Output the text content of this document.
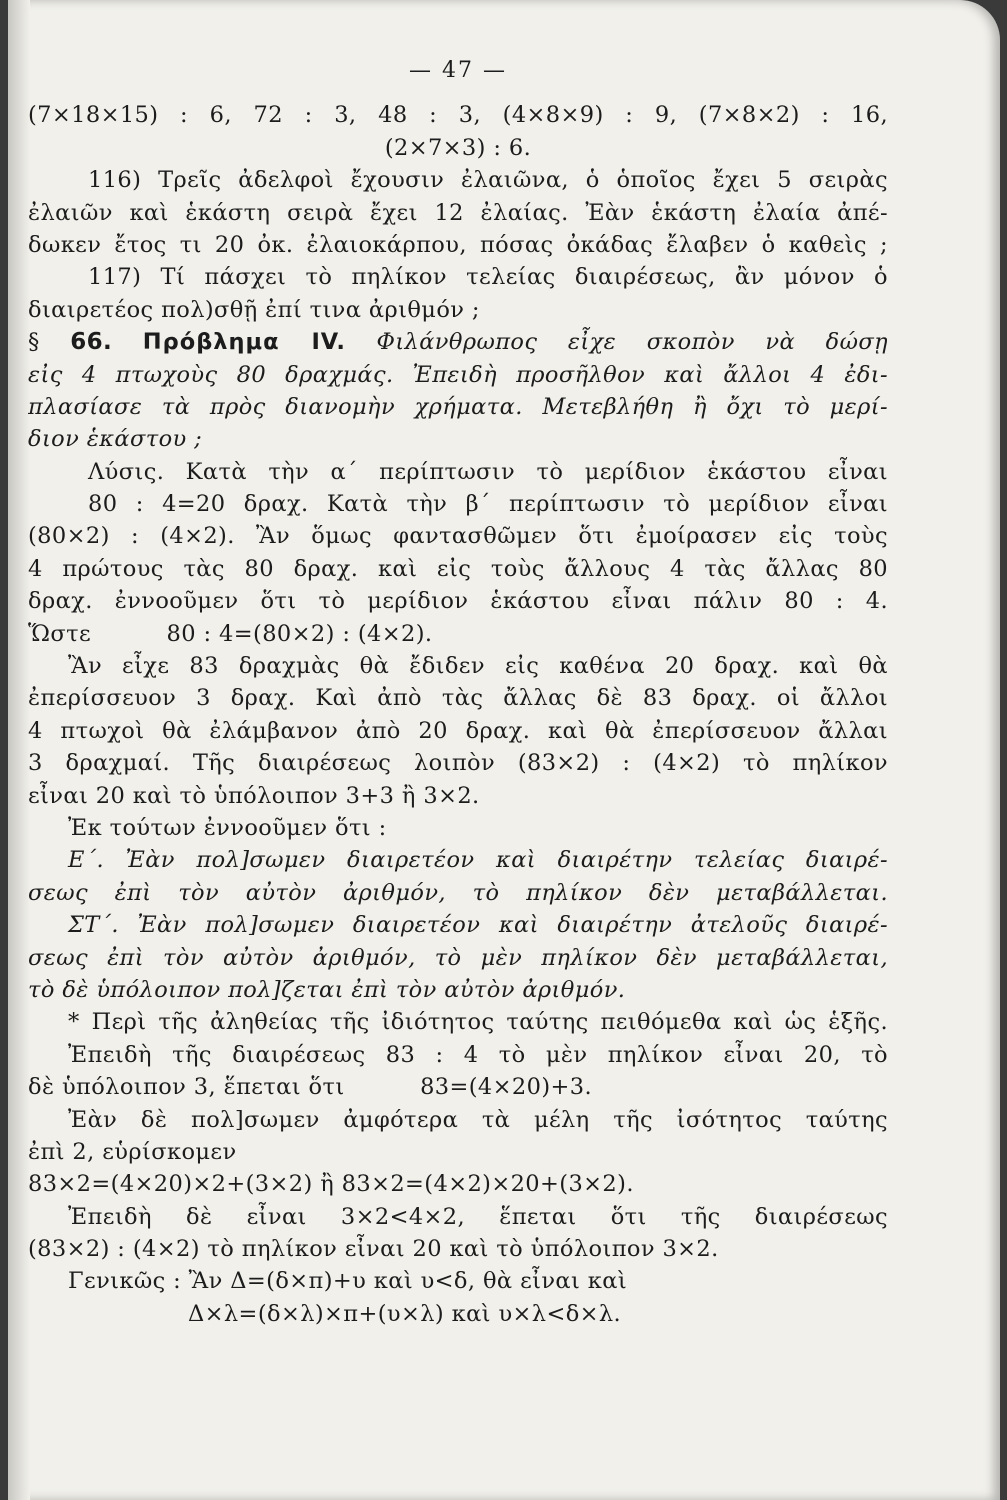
— 47 —
(7×18×15) : 6, 72 : 3, 48 : 3, (4×8×9) : 9, (7×8×2) : 16,
(2×7×3) : 6.
116) Τρεῖς ἀδελφοὶ ἔχουσιν ἐλαιῶνα, ὁ ὁποῖος ἔχει 5 σειρὰς
ἐλαιῶν καὶ ἑκάστη σειρὰ ἔχει 12 ἐλαίας. Ἐὰν ἑκάστη ἐλαία ἀπέ-
δωκεν ἔτος τι 20 ὀκ. ἐλαιοκάρπου, πόσας ὀκάδας ἔλαβεν ὁ καθεὶς ;
117) Τί πάσχει τὸ πηλίκον τελείας διαιρέσεως, ἂν μόνον ὁ
διαιρετέος πολ)σθῇ ἐπί τινα ἀριθμόν ;
§ 66. Πρόβλημα IV. Φιλάνθρωπος εἶχε σκοπὸν νὰ δώσῃ
εἰς 4 πτωχοὺς 80 δραχμάς. Ἐπειδὴ προσῆλθον καὶ ἄλλοι 4 ἐδι-
πλασίασε τὰ πρὸς διανομὴν χρήματα. Μετεβλήθη ἢ ὄχι τὸ μερί-
διον ἑκάστου ;
Λύσις. Κατὰ τὴν α΄ περίπτωσιν τὸ μερίδιον ἑκάστου εἶναι
80 : 4=20 δραχ. Κατὰ τὴν β΄ περίπτωσιν τὸ μερίδιον εἶναι
(80×2) : (4×2). Ἂν ὅμως φαντασθῶμεν ὅτι ἐμοίρασεν εἰς τοὺς
4 πρώτους τὰς 80 δραχ. καὶ εἰς τοὺς ἄλλους 4 τὰς ἄλλας 80
δραχ. ἐννοοῦμεν ὅτι τὸ μερίδιον ἑκάστου εἶναι πάλιν 80 : 4.
Ὥστε          80 : 4=(80×2) : (4×2).
Ἂν εἶχε 83 δραχμὰς θὰ ἔδιδεν εἰς καθένα 20 δραχ. καὶ θὰ
ἐπερίσσευον 3 δραχ. Καὶ ἀπὸ τὰς ἄλλας δὲ 83 δραχ. οἱ ἄλλοι
4 πτωχοὶ θὰ ἐλάμβανον ἀπὸ 20 δραχ. καὶ θὰ ἐπερίσσευον ἄλλαι
3 δραχμαί. Τῆς διαιρέσεως λοιπὸν (83×2) : (4×2) τὸ πηλίκον
εἶναι 20 καὶ τὸ ὑπόλοιπον 3+3 ἢ 3×2.
Ἐκ τούτων ἐννοοῦμεν ὅτι :
Ε΄. Ἐὰν πολ]σωμεν διαιρετέον καὶ διαιρέτην τελείας διαιρέ-
σεως ἐπὶ τὸν αὐτὸν ἀριθμόν, τὸ πηλίκον δὲν μεταβάλλεται.
ΣΤ΄. Ἐὰν πολ]σωμεν διαιρετέον καὶ διαιρέτην ἀτελοῦς διαιρέ-
σεως ἐπὶ τὸν αὐτὸν ἀριθμόν, τὸ μὲν πηλίκον δὲν μεταβάλλεται,
τὸ δὲ ὑπόλοιπον πολ]ζεται ἐπὶ τὸν αὐτὸν ἀριθμόν.
* Περὶ τῆς ἀληθείας τῆς ἰδιότητος ταύτης πειθόμεθα καὶ ὡς ἑξῆς.
Ἐπειδὴ τῆς διαιρέσεως 83 : 4 τὸ μὲν πηλίκον εἶναι 20, τὸ
δὲ ὑπόλοιπον 3, ἕπεται ὅτι          83=(4×20)+3.
Ἐὰν δὲ πολ]σωμεν ἀμφότερα τὰ μέλη τῆς ἰσότητος ταύτης
ἐπὶ 2, εὑρίσκομεν
83×2=(4×20)×2+(3×2) ἢ 83×2=(4×2)×20+(3×2).
Ἐπειδὴ δὲ εἶναι 3×2<4×2, ἕπεται ὅτι τῆς διαιρέσεως
(83×2) : (4×2) τὸ πηλίκον εἶναι 20 καὶ τὸ ὑπόλοιπον 3×2.
Γενικῶς : Ἂν Δ=(δ×π)+υ καὶ υ<δ, θὰ εἶναι καὶ
Δ×λ=(δ×λ)×π+(υ×λ) καὶ υ×λ<δ×λ.
